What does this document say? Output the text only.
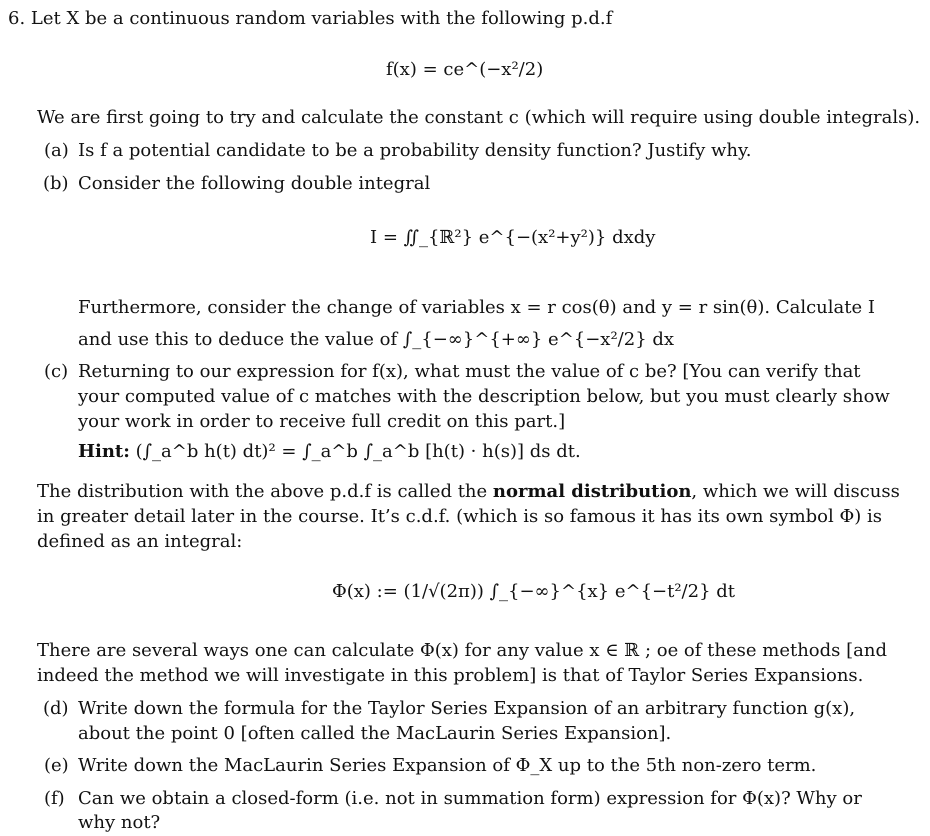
6. Let X be a continuous random variables with the following p.d.f
f(x) = ce^(−x²/2)
We are first going to try and calculate the constant c (which will require using double integrals).
(a) Is f a potential candidate to be a probability density function? Justify why.
(b) Consider the following double integral
I = ∬_{ℝ²} e^{−(x²+y²)} dxdy
Furthermore, consider the change of variables x = r cos(θ) and y = r sin(θ). Calculate I
and use this to deduce the value of ∫_{−∞}^{+∞} e^{−x²/2} dx
(c) Returning to our expression for f(x), what must the value of c be? [You can verify that
your computed value of c matches with the description below, but you must clearly show
your work in order to receive full credit on this part.]
Hint: (∫_a^b h(t) dt)² = ∫_a^b ∫_a^b [h(t) · h(s)] ds dt.
The distribution with the above p.d.f is called the normal distribution, which we will discuss
in greater detail later in the course. It’s c.d.f. (which is so famous it has its own symbol Φ) is
defined as an integral:
Φ(x) := (1/√(2π)) ∫_{−∞}^{x} e^{−t²/2} dt
There are several ways one can calculate Φ(x) for any value x ∈ ℝ ; oe of these methods [and
indeed the method we will investigate in this problem] is that of Taylor Series Expansions.
(d) Write down the formula for the Taylor Series Expansion of an arbitrary function g(x),
about the point 0 [often called the MacLaurin Series Expansion].
(e) Write down the MacLaurin Series Expansion of Φ_X up to the 5th non-zero term.
(f) Can we obtain a closed-form (i.e. not in summation form) expression for Φ(x)? Why or
why not?
